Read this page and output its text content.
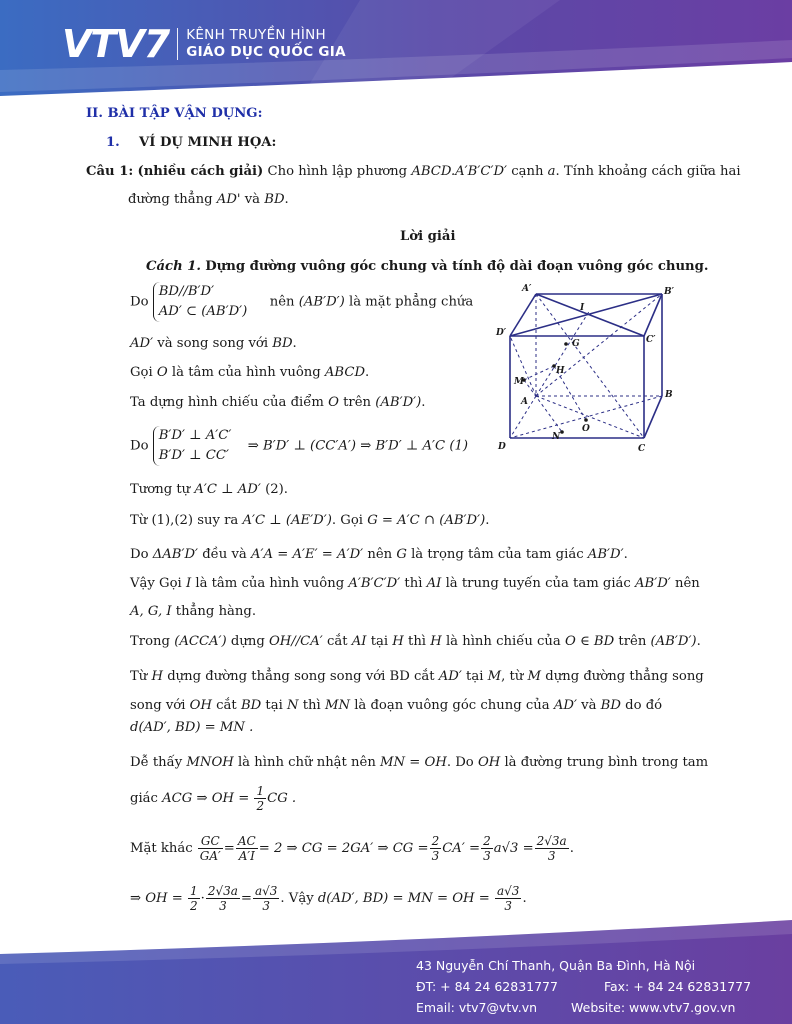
VTV7 KÊNH TRUYỀN HÌNH
GIÁO DỤC QUỐC GIA
43 Nguyễn Chí Thanh, Quận Ba Đình, Hà Nội
ĐT: + 84 24 62831777	Fax: + 84 24 62831777
Email: vtv7@vtv.vn	Website: www.vtv7.gov.vn
II. BÀI TẬP VẬN DỤNG:
1. VÍ DỤ MINH HỌA:
Câu 1: (nhiều cách giải) Cho hình lập phương ABCD.A′B′C′D′ cạnh a. Tính khoảng cách giữa hai
đường thẳng AD' và BD.
Lời giải
Cách 1. Dựng đường vuông góc chung và tính độ dài đoạn vuông góc chung.
Do
BD//B′D′
AD′ ⊂ (AB′D′)
nên (AB′D′) là mặt phẳng chứa
AD′ và song song với BD.
Gọi O là tâm của hình vuông ABCD.
Ta dựng hình chiếu của điểm O trên (AB′D′).
Do
B′D′ ⊥ A′C′
B′D′ ⊥ CC′
⇒ B′D′ ⊥ (CC′A′) ⇒ B′D′ ⊥ A′C (1)
Tương tự A′C ⊥ AD′ (2).
Từ (1),(2) suy ra A′C ⊥ (AE′D′). Gọi G = A′C ∩ (AB′D′).
Do ΔAB′D′ đều và A′A = A′E′ = A′D′ nên G là trọng tâm của tam giác AB′D′.
Vậy Gọi I là tâm của hình vuông A′B′C′D′ thì AI là trung tuyến của tam giác AB′D′ nên
A, G, I thẳng hàng.
Trong (ACCA′) dựng OH//CA′ cắt AI tại H thì H là hình chiếu của O ∈ BD trên (AB′D′).
Từ H dựng đường thẳng song song với BD cắt AD′ tại M, từ M dựng đường thẳng song
song với OH cắt BD tại N thì MN là đoạn vuông góc chung của AD′ và BD do đó
d(AD′, BD) = MN .
Dễ thấy MNOH là hình chữ nhật nên MN = OH. Do OH là đường trung bình trong tam
giác ACG ⇒ OH = $\frac{1}{2}$ CG .
Mặt khác $\frac{GC}{GA'} = \frac{AC}{A'I} = 2$ ⇒ CG = 2GA′ ⇒ CG = $\frac{2}{3} CA' = \frac{2}{3} a√3 = \frac{2√3a}{3}$ .
⇒ OH = $\frac{1}{2} \cdot \frac{2√3a}{3} = \frac{a√3}{3}$ . Vậy d(AD′, BD) = MN = OH = $\frac{a√3}{3}$ .
A′	B′
D′
C′
I
G
H
M
A
B
N
O
D	C
